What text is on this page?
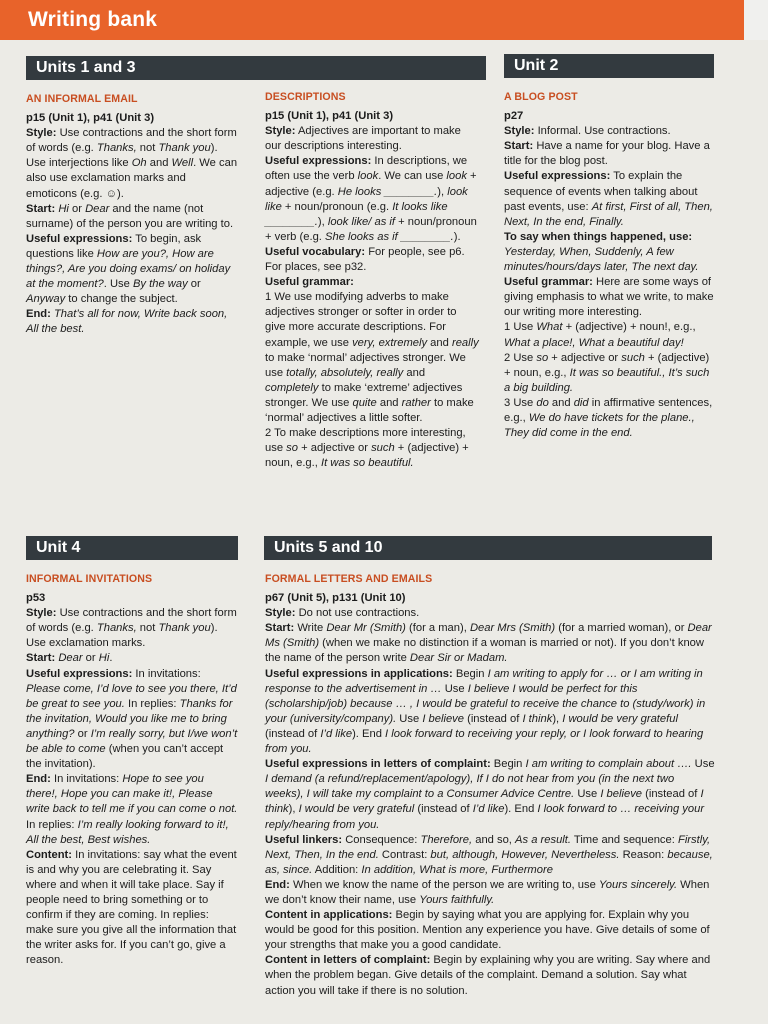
Writing bank
Units 1 and 3	Unit 2
Unit 4	Units 5 and 10

AN INFORMAL EMAIL

p15 (Unit 1), p41 (Unit 3)

Style: Use contractions and the short form of words (e.g. Thanks, not Thank you). Use interjections like Oh and Well. We can also use exclamation marks and emoticons (e.g. ☺).

Start: Hi or Dear and the name (not surname) of the person you are writing to.

Useful expressions: To begin, ask questions like How are you?, How are things?, Are you doing exams/ on holiday at the moment?. Use By the way or Anyway to change the subject.

End: That’s all for now, Write back soon, All the best.

DESCRIPTIONS

p15 (Unit 1), p41 (Unit 3)

Style: Adjectives are important to make our descriptions interesting.

Useful expressions: In descriptions, we often use the verb look. We can use look + adjective (e.g. He looks ________.), look like + noun/pronoun (e.g. It looks like ________.), look like/ as if + noun/pronoun + verb (e.g. She looks as if ________.).

Useful vocabulary: For people, see p6. For places, see p32.

Useful grammar:

1 We use modifying adverbs to make adjectives stronger or softer in order to give more accurate descriptions. For example, we use very, extremely and really to make ‘normal’ adjectives stronger. We use totally, absolutely, really and completely to make ‘extreme’ adjectives stronger. We use quite and rather to make ‘normal’ adjectives a little softer.

2 To make descriptions more interesting, use so + adjective or such + (adjective) + noun, e.g., It was so beautiful.

A BLOG POST

p27

Style: Informal. Use contractions.

Start: Have a name for your blog. Have a title for the blog post.

Useful expressions: To explain the sequence of events when talking about past events, use: At first, First of all, Then, Next, In the end, Finally.

To say when things happened, use: Yesterday, When, Suddenly, A few minutes/hours/days later, The next day.

Useful grammar: Here are some ways of giving emphasis to what we write, to make our writing more interesting.

1 Use What + (adjective) + noun!, e.g., What a place!, What a beautiful day!

2 Use so + adjective or such + (adjective) + noun, e.g., It was so beautiful., It’s such a big building.

3 Use do and did in affirmative sentences, e.g., We do have tickets for the plane., They did come in the end.

INFORMAL INVITATIONS

p53

Style: Use contractions and the short form of words (e.g. Thanks, not Thank you). Use exclamation marks.

Start: Dear or Hi.

Useful expressions: In invitations: Please come, I’d love to see you there, It’d be great to see you. In replies: Thanks for the invitation, Would you like me to bring anything? or I’m really sorry, but I/we won’t be able to come (when you can’t accept the invitation).

End: In invitations: Hope to see you there!, Hope you can make it!, Please write back to tell me if you can come o not. In replies: I’m really looking forward to it!, All the best, Best wishes.

Content: In invitations: say what the event is and why you are celebrating it. Say where and when it will take place. Say if people need to bring something or to confirm if they are coming. In replies: make sure you give all the information that the writer asks for. If you can’t go, give a reason.

FORMAL LETTERS AND EMAILS

p67 (Unit 5), p131 (Unit 10)

Style: Do not use contractions.

Start: Write Dear Mr (Smith) (for a man), Dear Mrs (Smith) (for a married woman), or Dear Ms (Smith) (when we make no distinction if a woman is married or not). If you don’t know the name of the person write Dear Sir or Madam.

Useful expressions in applications: Begin I am writing to apply for … or I am writing in response to the advertisement in … Use I believe I would be perfect for this (scholarship/job) because … , I would be grateful to receive the chance to (study/work) in your (university/company). Use I believe (instead of I think), I would be very grateful (instead of I’d like). End I look forward to receiving your reply, or I look forward to hearing from you.

Useful expressions in letters of complaint: Begin I am writing to complain about …. Use I demand (a refund/replacement/apology), If I do not hear from you (in the next two weeks), I will take my complaint to a Consumer Advice Centre. Use I believe (instead of I think), I would be very grateful (instead of I’d like). End I look forward to … receiving your reply/hearing from you.

Useful linkers: Consequence: Therefore, and so, As a result. Time and sequence: Firstly, Next, Then, In the end. Contrast: but, although, However, Nevertheless. Reason: because, as, since. Addition: In addition, What is more, Furthermore

End: When we know the name of the person we are writing to, use Yours sincerely. When we don’t know their name, use Yours faithfully.

Content in applications: Begin by saying what you are applying for. Explain why you would be good for this position. Mention any experience you have. Give details of some of your strengths that make you a good candidate.

Content in letters of complaint: Begin by explaining why you are writing. Say where and when the problem began. Give details of the complaint. Demand a solution. Say what action you will take if there is no solution.
